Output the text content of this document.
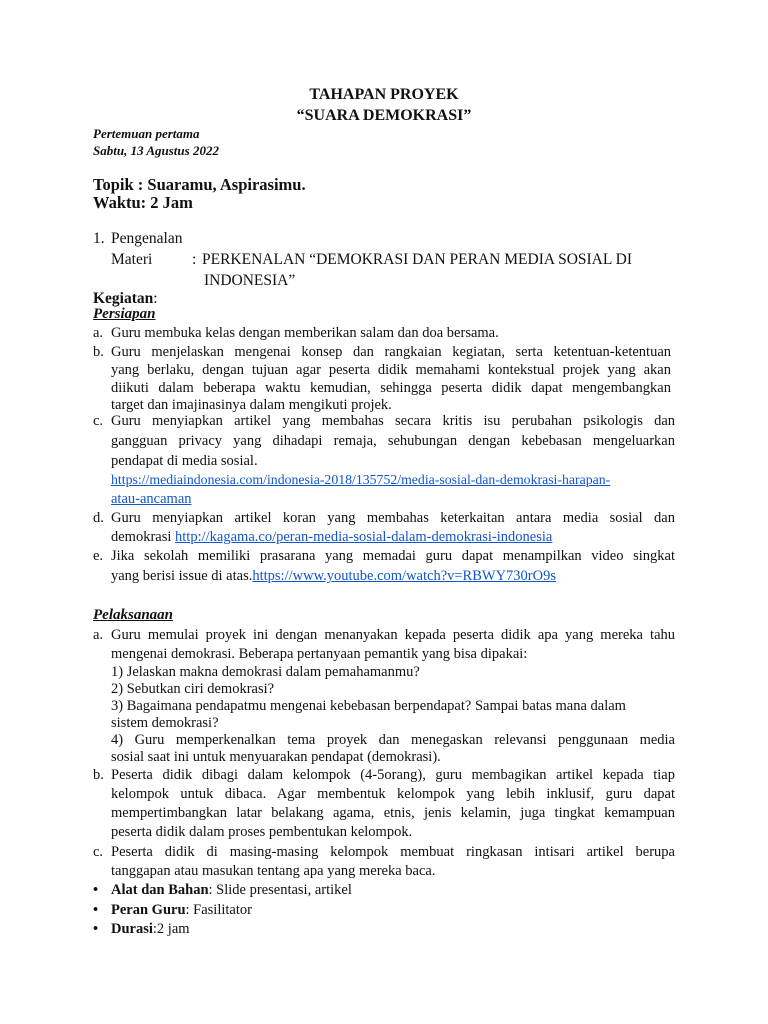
TAHAPAN PROYEK
“SUARA DEMOKRASI”
Pertemuan pertama
Sabtu, 13 Agustus 2022
Topik : Suaramu, Aspirasimu.
Waktu: 2 Jam
1. Pengenalan
Materi	: PERKENALAN “DEMOKRASI DAN PERAN MEDIA SOSIAL DI
INDONESIA”
Kegiatan:
Persiapan
a. Guru membuka kelas dengan memberikan salam dan doa bersama.
b. Guru menjelaskan mengenai konsep dan rangkaian kegiatan, serta ketentuan-ketentuan
yang berlaku, dengan tujuan agar peserta didik memahami kontekstual projek yang akan
diikuti dalam beberapa waktu kemudian, sehingga peserta didik dapat mengembangkan
target dan imajinasinya dalam mengikuti projek.
c. Guru menyiapkan artikel yang membahas secara kritis isu perubahan psikologis dan
gangguan privacy yang dihadapi remaja, sehubungan dengan kebebasan mengeluarkan
pendapat di media sosial.
https://mediaindonesia.com/indonesia-2018/135752/media-sosial-dan-demokrasi-harapan-
atau-ancaman
d. Guru menyiapkan artikel koran yang membahas keterkaitan antara media sosial dan
demokrasi http://kagama.co/peran-media-sosial-dalam-demokrasi-indonesia
e. Jika sekolah memiliki prasarana yang memadai guru dapat menampilkan video singkat
yang berisi issue di atas.https://www.youtube.com/watch?v=RBWY730rO9s
Pelaksanaan
a. Guru memulai proyek ini dengan menanyakan kepada peserta didik apa yang mereka tahu
mengenai demokrasi. Beberapa pertanyaan pemantik yang bisa dipakai:
1) Jelaskan makna demokrasi dalam pemahamanmu?
2) Sebutkan ciri demokrasi?
3) Bagaimana pendapatmu mengenai kebebasan berpendapat? Sampai batas mana dalam
sistem demokrasi?
4) Guru memperkenalkan tema proyek dan menegaskan relevansi penggunaan media
sosial saat ini untuk menyuarakan pendapat (demokrasi).
b. Peserta didik dibagi dalam kelompok (4-5orang), guru membagikan artikel kepada tiap
kelompok untuk dibaca. Agar membentuk kelompok yang lebih inklusif, guru dapat
mempertimbangkan latar belakang agama, etnis, jenis kelamin, juga tingkat kemampuan
peserta didik dalam proses pembentukan kelompok.
c. Peserta didik di masing-masing kelompok membuat ringkasan intisari artikel berupa
tanggapan atau masukan tentang apa yang mereka baca.
• Alat dan Bahan: Slide presentasi, artikel
• Peran Guru: Fasilitator
• Durasi:2 jam
